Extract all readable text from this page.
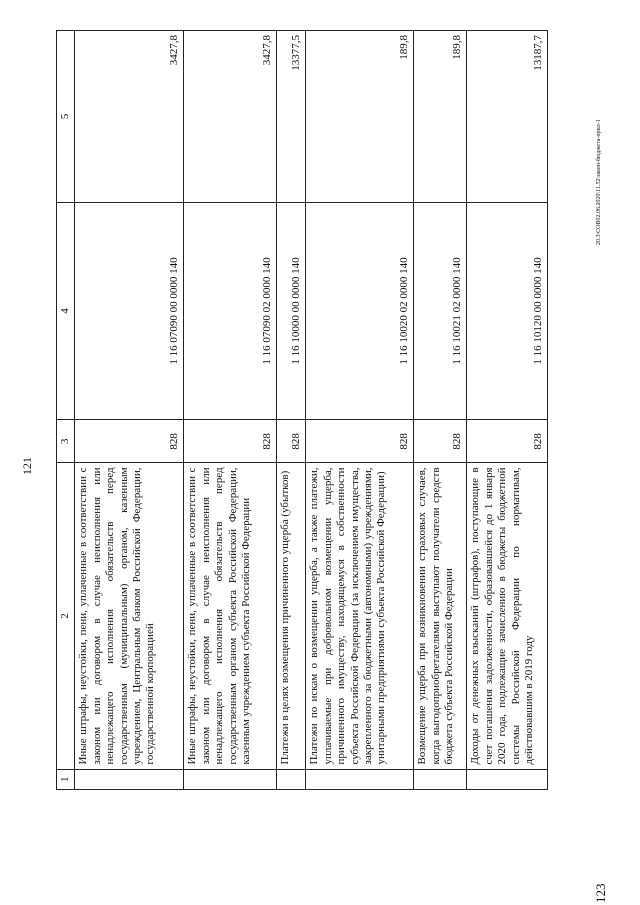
121
123
20.3\СОВ02.06.2020\11.52\закон-бюджета-прил-1
1	2	3	4	5
	Иные штрафы, неустойки, пени, уплаченные в соответствии с законом или договором в случае неисполнения или ненадлежащего исполнения обязательств перед государственным (муниципальным) органом, казенным учреждением, Центральным банком Российской Федерации, государственной корпорацией	828	1 16 07090 00 0000 140	3427,8
	Иные штрафы, неустойки, пени, уплаченные в соответствии с законом или договором в случае неисполнения или ненадлежащего исполнения обязательств перед государственным органом субъекта Российской Федерации, казенным учреждением субъекта Российской Федерации	828	1 16 07090 02 0000 140	3427,8
	Платежи в целях возмещения причиненного ущерба (убытков)	828	1 16 10000 00 0000 140	13377,5
	Платежи по искам о возмещении ущерба, а также платежи, уплачиваемые при добровольном возмещении ущерба, причиненного имуществу, находящемуся в собственности субъекта Российской Федерации (за исключением имущества, закрепленного за бюджетными (автономными) учреждениями, унитарными предприятиями субъекта Российской Федерации)	828	1 16 10020 02 0000 140	189,8
	Возмещение ущерба при возникновении страховых случаев, когда выгодоприобретателями выступают получатели средств бюджета субъекта Российской Федерации	828	1 16 10021 02 0000 140	189,8
	Доходы от денежных взысканий (штрафов), поступающие в счет погашения задолженности, образовавшейся до 1 января 2020 года, подлежащие зачислению в бюджеты бюджетной системы Российской Федерации по нормативам, действовавшим в 2019 году	828	1 16 10120 00 0000 140	13187,7
